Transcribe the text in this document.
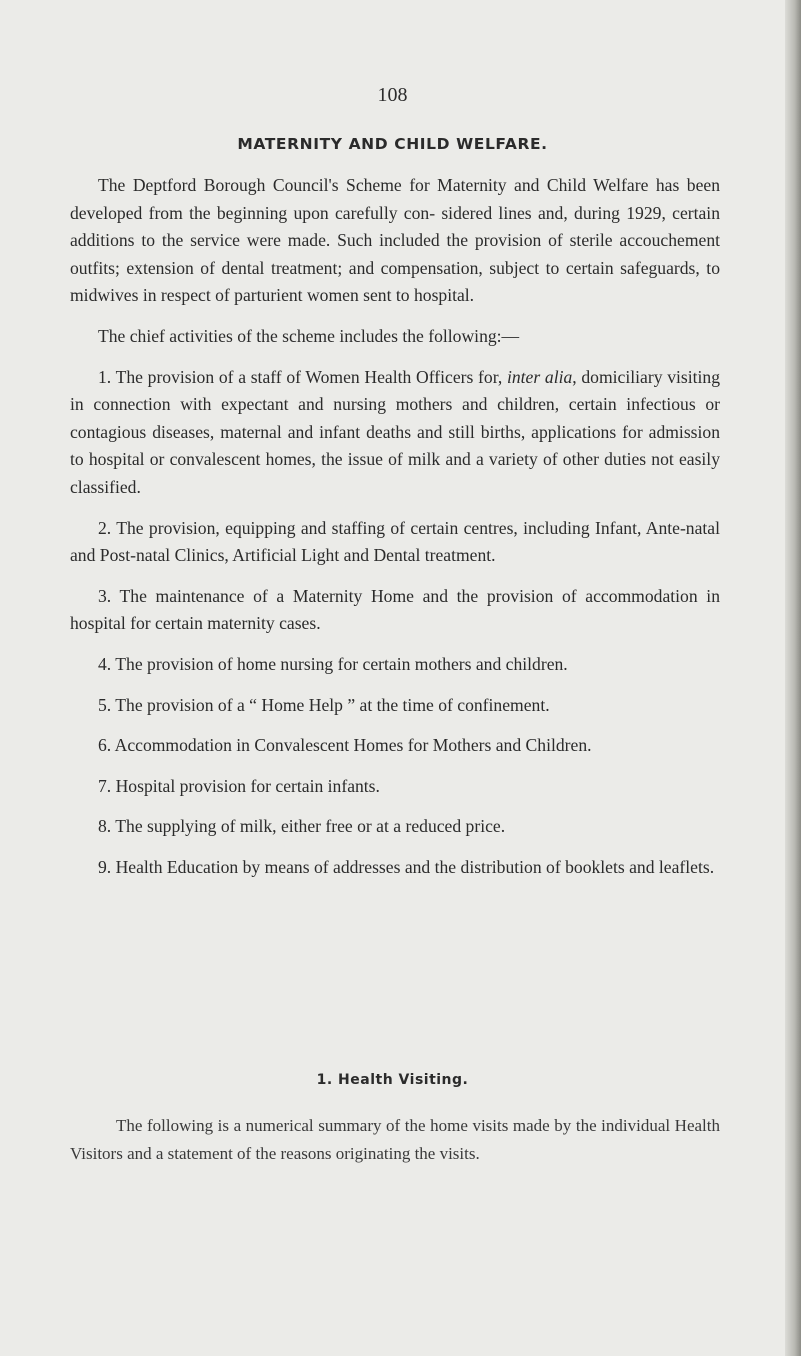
108
MATERNITY AND CHILD WELFARE.

The Deptford Borough Council's Scheme for Maternity and Child Welfare has been developed from the beginning upon carefully con- sidered lines and, during 1929, certain additions to the service were made. Such included the provision of sterile accouchement outfits; extension of dental treatment; and compensation, subject to certain safeguards, to midwives in respect of parturient women sent to hospital.

The chief activities of the scheme includes the following:—

1. The provision of a staff of Women Health Officers for, inter alia, domiciliary visiting in connection with expectant and nursing mothers and children, certain infectious or contagious diseases, maternal and infant deaths and still births, applications for admission to hospital or convalescent homes, the issue of milk and a variety of other duties not easily classified.

2. The provision, equipping and staffing of certain centres, including Infant, Ante-natal and Post-natal Clinics, Artificial Light and Dental treatment.

3. The maintenance of a Maternity Home and the provision of accommodation in hospital for certain maternity cases.

4. The provision of home nursing for certain mothers and children.

5. The provision of a “ Home Help ” at the time of confinement.

6. Accommodation in Convalescent Homes for Mothers and Children.

7. Hospital provision for certain infants.

8. The supplying of milk, either free or at a reduced price.

9. Health Education by means of addresses and the distribution of booklets and leaflets.

1. Health Visiting.

The following is a numerical summary of the home visits made by the individual Health Visitors and a statement of the reasons originating the visits.
